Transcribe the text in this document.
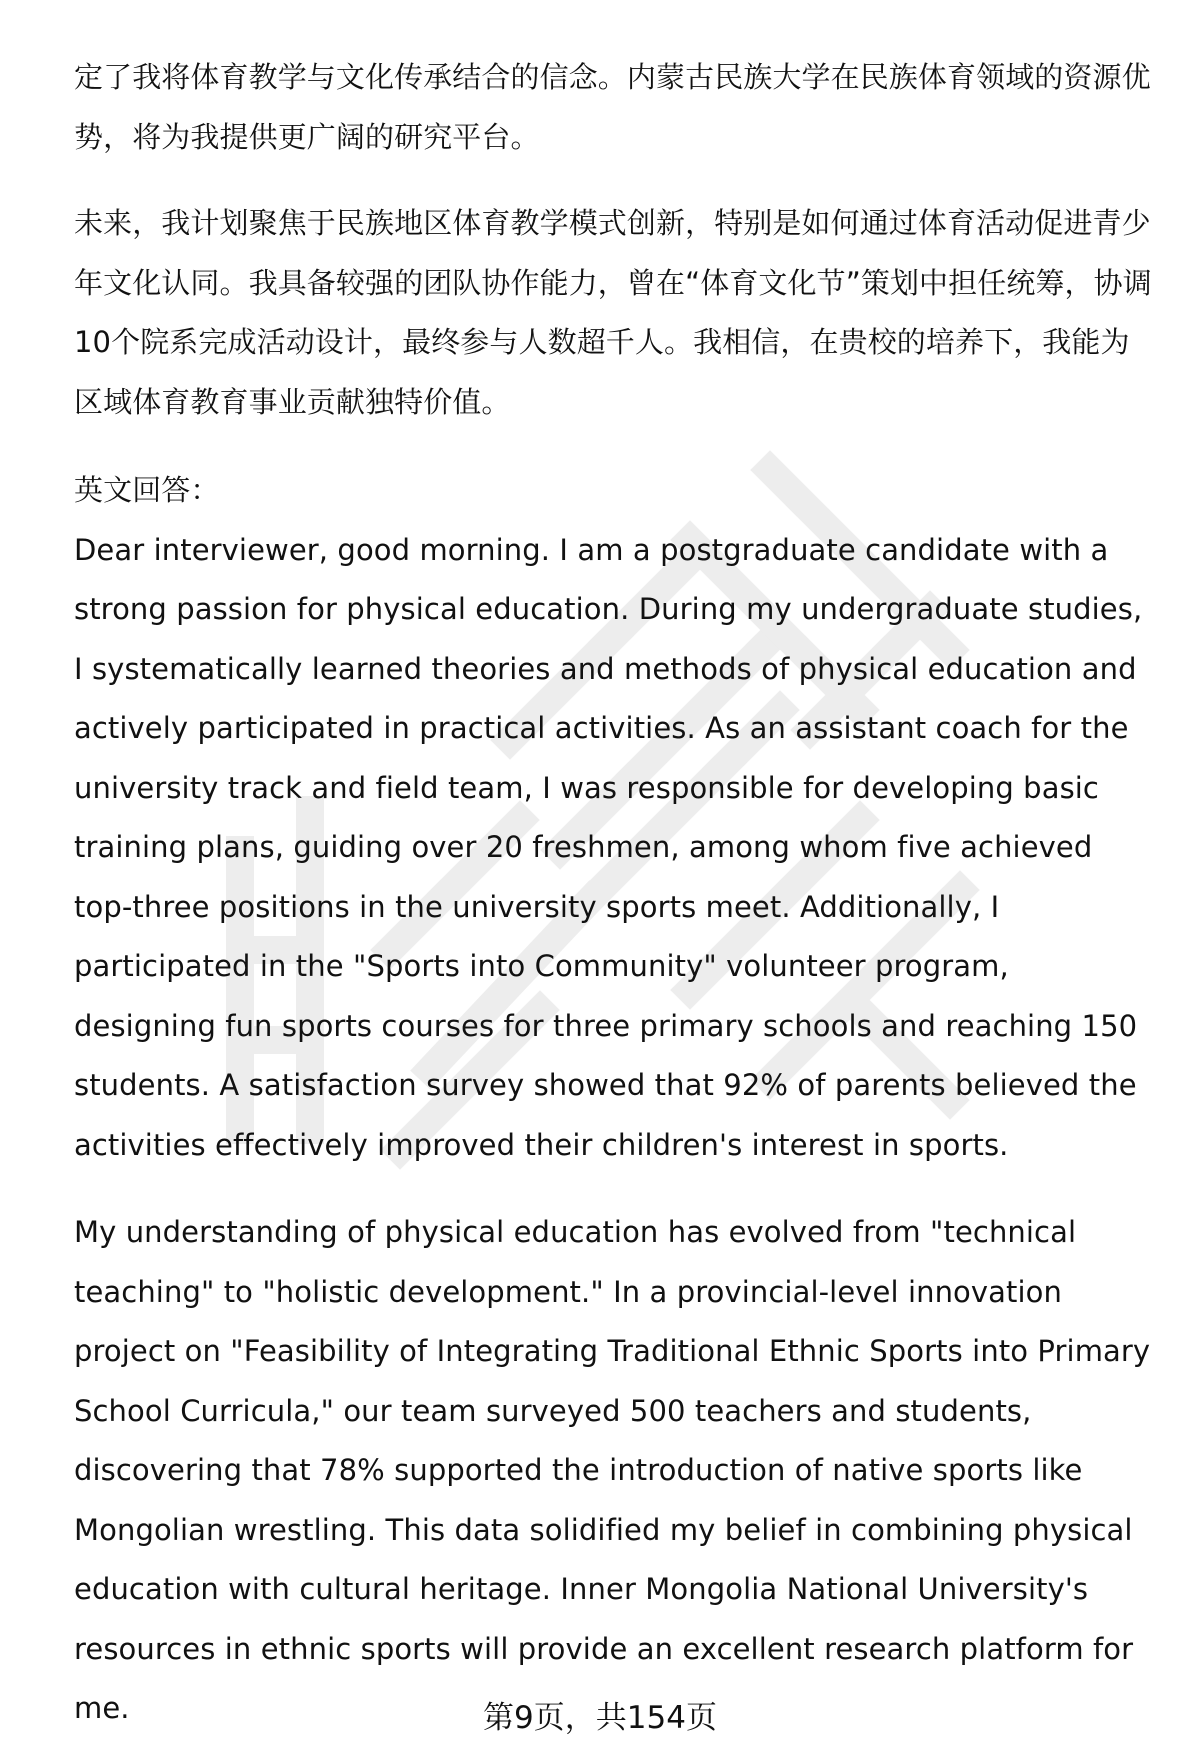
定了我将体育教学与文化传承结合的信念。内蒙古民族大学在民族体育领域的资源优势，将为我提供更广阔的研究平台。

未来，我计划聚焦于民族地区体育教学模式创新，特别是如何通过体育活动促进青少年文化认同。我具备较强的团队协作能力，曾在“体育文化节”策划中担任统筹，协调10个院系完成活动设计，最终参与人数超千人。我相信，在贵校的培养下，我能为区域体育教育事业贡献独特价值。

英文回答：

Dear interviewer, good morning. I am a postgraduate candidate with a strong passion for physical education. During my undergraduate studies, I systematically learned theories and methods of physical education and actively participated in practical activities. As an assistant coach for the university track and field team, I was responsible for developing basic training plans, guiding over 20 freshmen, among whom five achieved top-three positions in the university sports meet. Additionally, I participated in the "Sports into Community" volunteer program, designing fun sports courses for three primary schools and reaching 150 students. A satisfaction survey showed that 92% of parents believed the activities effectively improved their children's interest in sports.

My understanding of physical education has evolved from "technical teaching" to "holistic development." In a provincial-level innovation project on "Feasibility of Integrating Traditional Ethnic Sports into Primary School Curricula," our team surveyed 500 teachers and students, discovering that 78% supported the introduction of native sports like Mongolian wrestling. This data solidified my belief in combining physical education with cultural heritage. Inner Mongolia National University's resources in ethnic sports will provide an excellent research platform for me.	第9页，共154页
